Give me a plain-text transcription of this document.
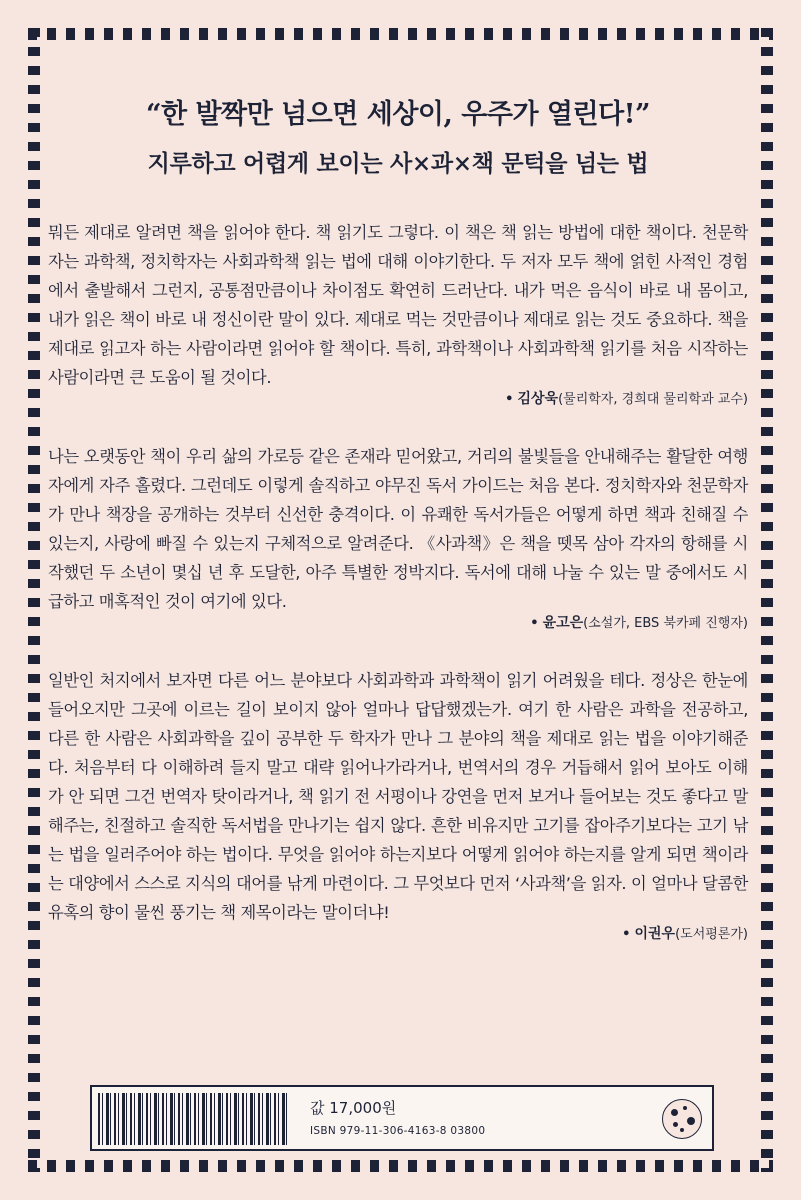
“한 발짝만 넘으면 세상이, 우주가 열린다!”
지루하고 어렵게 보이는 사×과×책 문턱을 넘는 법

뭐든 제대로 알려면 책을 읽어야 한다. 책 읽기도 그렇다. 이 책은 책 읽는 방법에 대한 책이다. 천문학자는 과학책, 정치학자는 사회과학책 읽는 법에 대해 이야기한다. 두 저자 모두 책에 얽힌 사적인 경험에서 출발해서 그런지, 공통점만큼이나 차이점도 확연히 드러난다. 내가 먹은 음식이 바로 내 몸이고, 내가 읽은 책이 바로 내 정신이란 말이 있다. 제대로 먹는 것만큼이나 제대로 읽는 것도 중요하다. 책을 제대로 읽고자 하는 사람이라면 읽어야 할 책이다. 특히, 과학책이나 사회과학책 읽기를 처음 시작하는 사람이라면 큰 도움이 될 것이다.

• 김상욱(물리학자, 경희대 물리학과 교수)

나는 오랫동안 책이 우리 삶의 가로등 같은 존재라 믿어왔고, 거리의 불빛들을 안내해주는 활달한 여행자에게 자주 홀렸다. 그런데도 이렇게 솔직하고 야무진 독서 가이드는 처음 본다. 정치학자와 천문학자가 만나 책장을 공개하는 것부터 신선한 충격이다. 이 유쾌한 독서가들은 어떻게 하면 책과 친해질 수 있는지, 사랑에 빠질 수 있는지 구체적으로 알려준다. 《사과책》은 책을 뗏목 삼아 각자의 항해를 시작했던 두 소년이 몇십 년 후 도달한, 아주 특별한 정박지다. 독서에 대해 나눌 수 있는 말 중에서도 시급하고 매혹적인 것이 여기에 있다.

• 윤고은(소설가, EBS 북카페 진행자)

일반인 처지에서 보자면 다른 어느 분야보다 사회과학과 과학책이 읽기 어려웠을 테다. 정상은 한눈에 들어오지만 그곳에 이르는 길이 보이지 않아 얼마나 답답했겠는가. 여기 한 사람은 과학을 전공하고, 다른 한 사람은 사회과학을 깊이 공부한 두 학자가 만나 그 분야의 책을 제대로 읽는 법을 이야기해준다. 처음부터 다 이해하려 들지 말고 대략 읽어나가라거나, 번역서의 경우 거듭해서 읽어 보아도 이해가 안 되면 그건 번역자 탓이라거나, 책 읽기 전 서평이나 강연을 먼저 보거나 들어보는 것도 좋다고 말해주는, 친절하고 솔직한 독서법을 만나기는 쉽지 않다. 흔한 비유지만 고기를 잡아주기보다는 고기 낚는 법을 일러주어야 하는 법이다. 무엇을 읽어야 하는지보다 어떻게 읽어야 하는지를 알게 되면 책이라는 대양에서 스스로 지식의 대어를 낚게 마련이다. 그 무엇보다 먼저 ‘사과책’을 읽자. 이 얼마나 달콤한 유혹의 향이 물씬 풍기는 책 제목이라는 말이더냐!

• 이권우(도서평론가)
값 17,000원
ISBN 979-11-306-4163-8 03800
